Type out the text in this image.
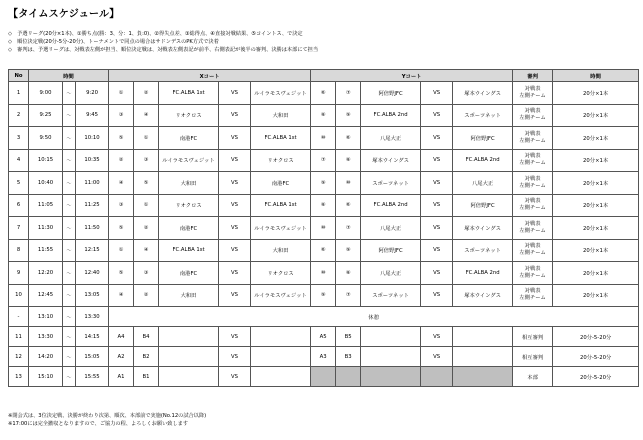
【タイムスケジュール】
◇　予選リーグ(20分×1本)、①勝ち点(勝：3、分：1、負:0)、②得失点差、③総得点、④直接対戦結果、⑤コイントス、で決定
◇　順位決定戦(20分-5分-20分)、トーナメントで同点の場合はサドンデスのPK方式で決着
◇　審判は、予選リーグは、対戦表左側が担当、順位決定戦は、対戦表左側表記が前半、右側表記が後半の審判、決勝は本部にて担当
No	時間			Xコート					Yコート					審判	時間
1	9:00	～	9:20	①	②	FC.ALBA 1st	VS	ルイラモスヴェジット	⑥	⑦	阿倍野JFC	VS	塚本ウイングス	対戦表
左側チーム	20分×1本
2	9:25	～	9:45	③	④	リオクロス	VS	大和田	⑧	⑨	FC.ALBA 2nd	VS	スポーツネット	対戦表
左側チーム	20分×1本
3	9:50	～	10:10	⑤	①	南港FC	VS	FC.ALBA 1st	⑩	⑥	八尾大正	VS	阿倍野JFC	対戦表
左側チーム	20分×1本
4	10:15	～	10:35	②	③	ルイラモスヴェジット	VS	リオクロス	⑦	⑧	塚本ウイングス	VS	FC.ALBA 2nd	対戦表
左側チーム	20分×1本
5	10:40	～	11:00	④	⑤	大和田	VS	南港FC	⑨	⑩	スポーツネット	VS	八尾大正	対戦表
左側チーム	20分×1本
6	11:05	～	11:25	③	①	リオクロス	VS	FC.ALBA 1st	⑧	⑥	FC.ALBA 2nd	VS	阿倍野JFC	対戦表
左側チーム	20分×1本
7	11:30	～	11:50	⑤	②	南港FC	VS	ルイラモスヴェジット	⑩	⑦	八尾大正	VS	塚本ウイングス	対戦表
左側チーム	20分×1本
8	11:55	～	12:15	①	④	FC.ALBA 1st	VS	大和田	⑥	⑨	阿倍野JFC	VS	スポーツネット	対戦表
左側チーム	20分×1本
9	12:20	～	12:40	⑤	③	南港FC	VS	リオクロス	⑩	⑧	八尾大正	VS	FC.ALBA 2nd	対戦表
左側チーム	20分×1本
10	12:45	～	13:05	④	②	大和田	VS	ルイラモスヴェジット	⑨	⑦	スポーツネット	VS	塚本ウイングス	対戦表
左側チーム	20分×1本
-	13:10	～	13:30	休憩											
11	13:30	～	14:15	A4	B4		VS		A5	B5		VS		相互審判	20分-5-20分
12	14:20	～	15:05	A2	B2		VS		A3	B3		VS		相互審判	20分-5-20分
13	15:10	～	15:55	A1	B1		VS							本部	20分-5-20分
※閉会式は、3位決定戦、決勝が終わり次第、順次、本部前で実施(No.12の試合以降)
※17:00には完全撤収となりますので、ご協力の程、よろしくお願い致します
